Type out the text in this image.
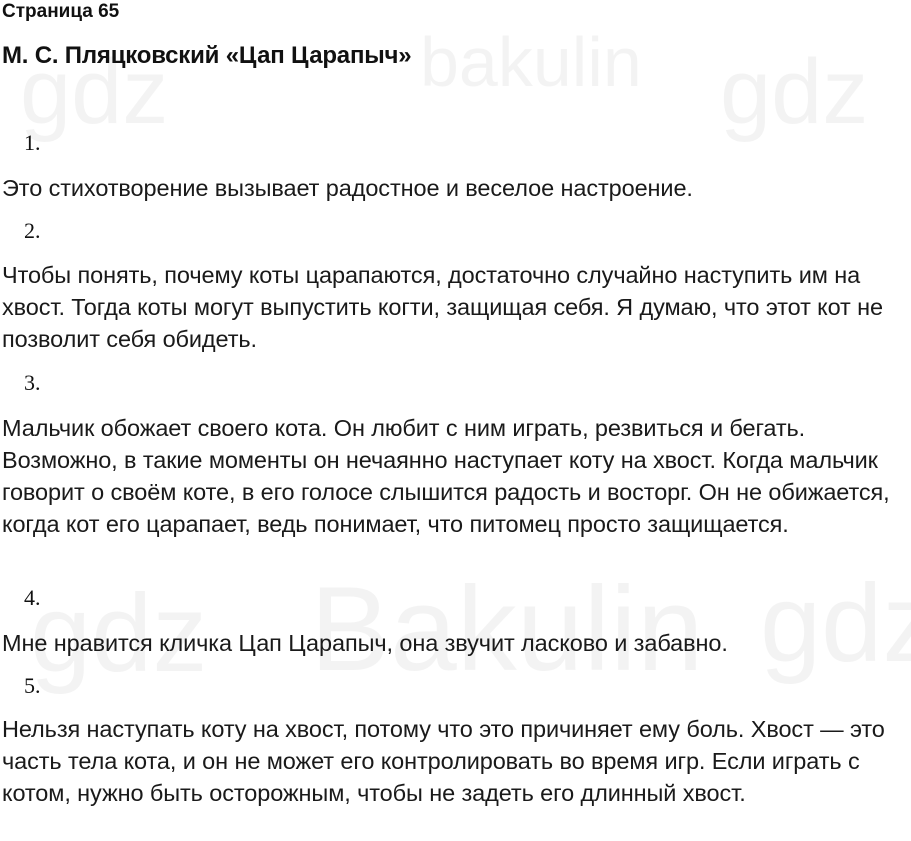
Страница 65
М. С. Пляцковский «Цап Царапыч»
1.
Это стихотворение вызывает радостное и веселое настроение.
2.
Чтобы понять, почему коты царапаются, достаточно случайно наступить им на хвост. Тогда коты могут выпустить когти, защищая себя. Я думаю, что этот кот не позволит себя обидеть.
3.
Мальчик обожает своего кота. Он любит с ним играть, резвиться и бегать. Возможно, в такие моменты он нечаянно наступает коту на хвост. Когда мальчик говорит о своём коте, в его голосе слышится радость и восторг. Он не обижается, когда кот его царапает, ведь понимает, что питомец просто защищается.
4.
Мне нравится кличка Цап Царапыч, она звучит ласково и забавно.
5.
Нельзя наступать коту на хвост, потому что это причиняет ему боль. Хвост — это часть тела кота, и он не может его контролировать во время игр. Если играть с котом, нужно быть осторожным, чтобы не задеть его длинный хвост.
